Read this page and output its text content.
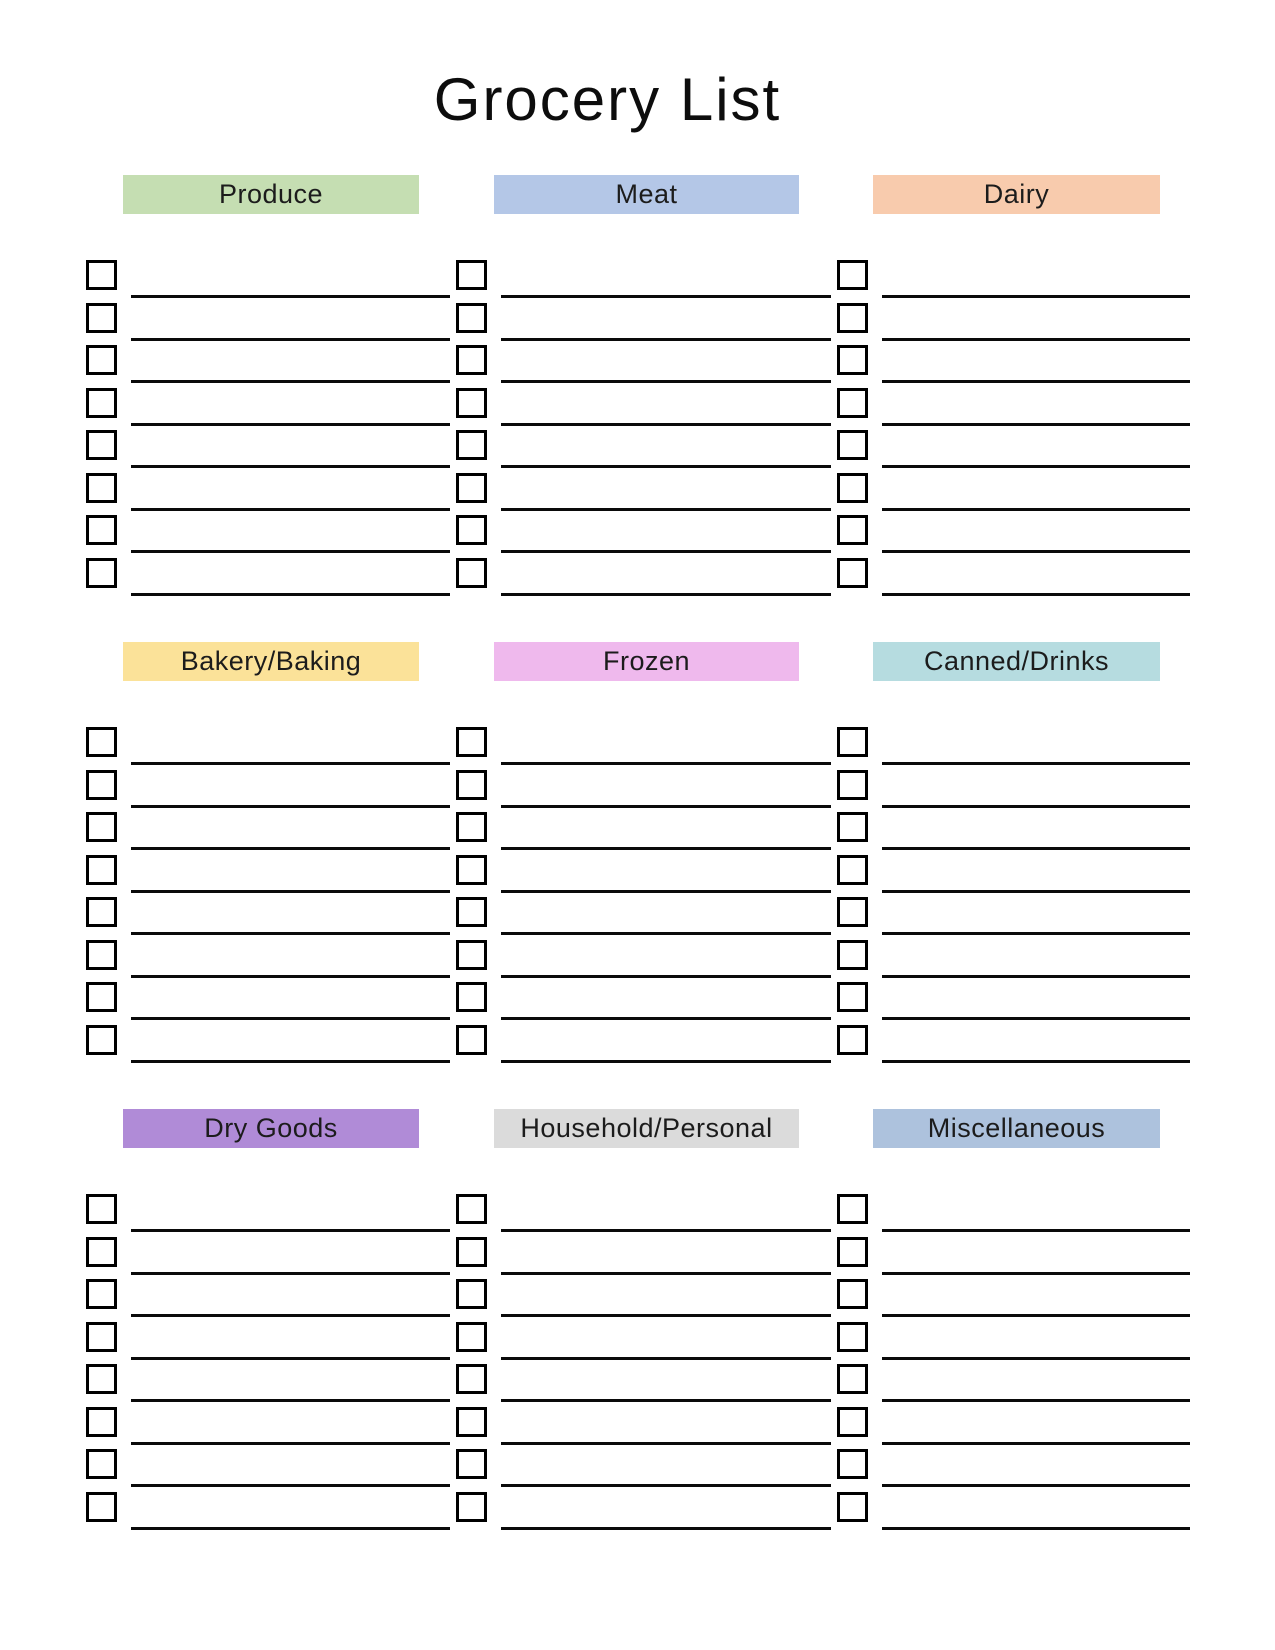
Grocery List
Produce	Meat	Dairy
Bakery/Baking	Frozen	Canned/Drinks
Dry Goods	Household/Personal	Miscellaneous
